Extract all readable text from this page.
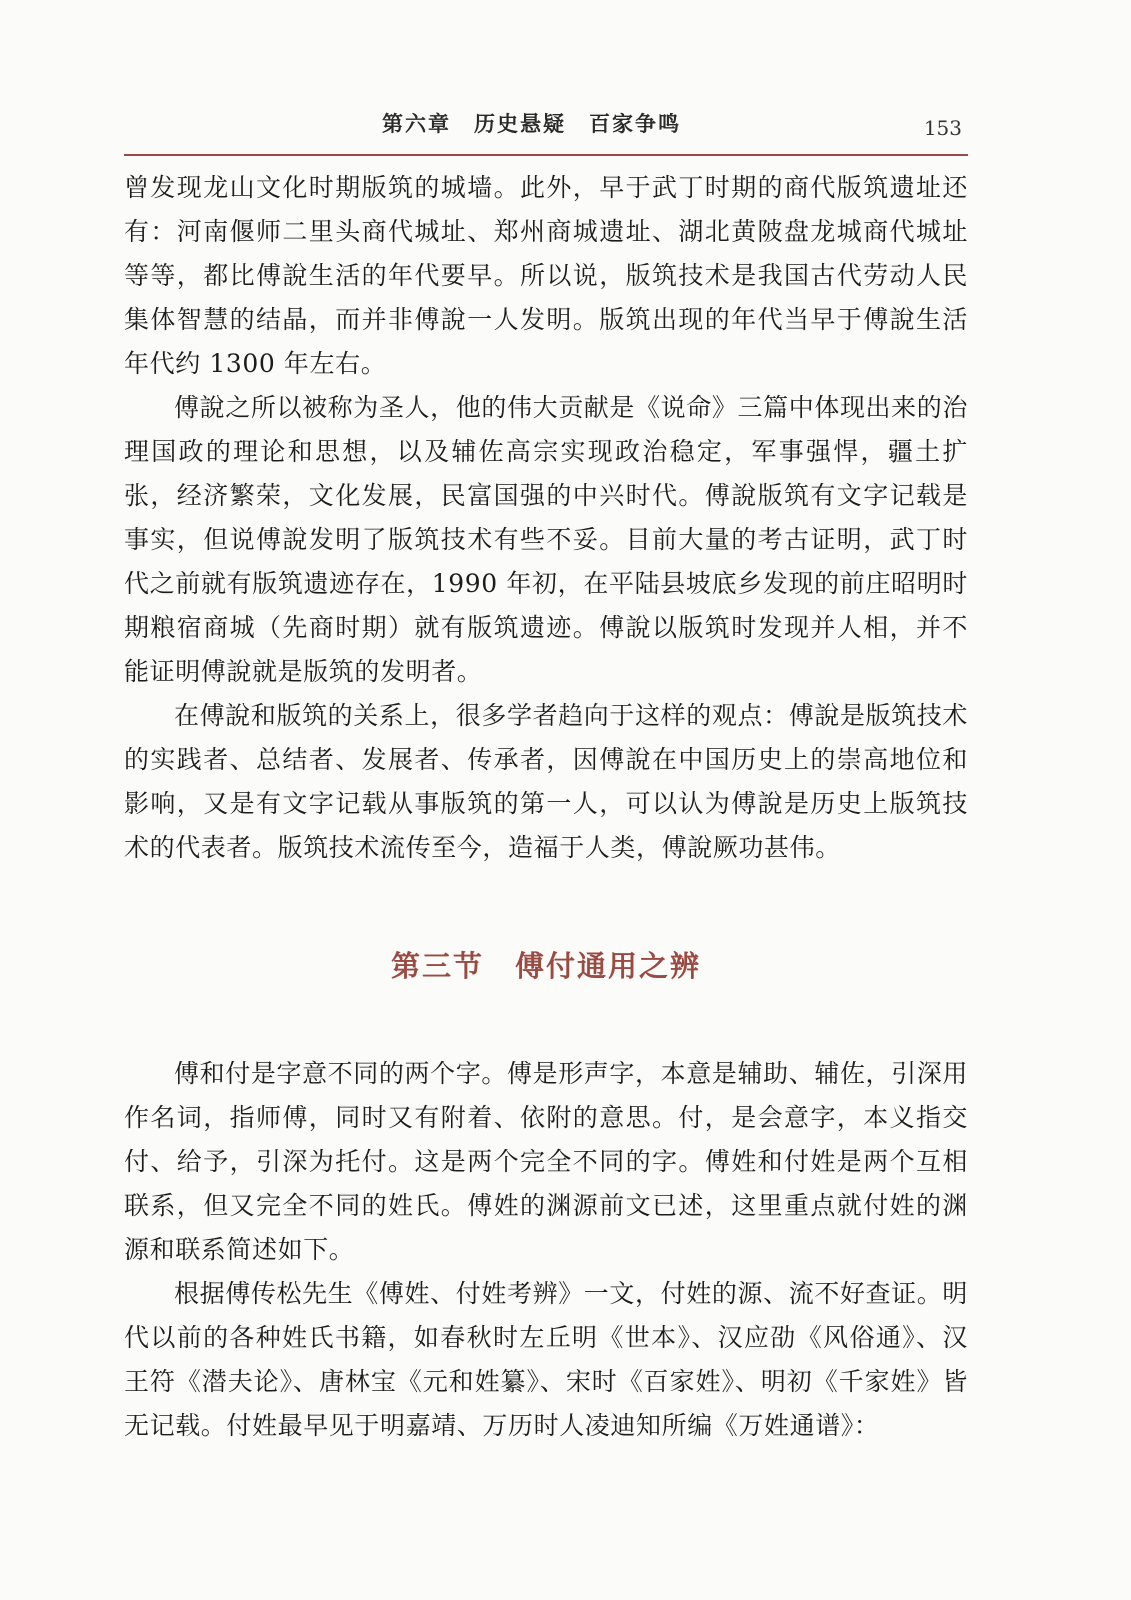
第六章　历史悬疑　百家争鸣	153

曾发现龙山文化时期版筑的城墙。此外，早于武丁时期的商代版筑遗址还有：河南偃师二里头商代城址、郑州商城遗址、湖北黄陂盘龙城商代城址等等，都比傅說生活的年代要早。所以说，版筑技术是我国古代劳动人民集体智慧的结晶，而并非傅說一人发明。版筑出现的年代当早于傅說生活年代约 1300 年左右。

傅說之所以被称为圣人，他的伟大贡献是《说命》三篇中体现出来的治理国政的理论和思想，以及辅佐高宗实现政治稳定，军事强悍，疆土扩张，经济繁荣，文化发展，民富国强的中兴时代。傅說版筑有文字记载是事实，但说傅說发明了版筑技术有些不妥。目前大量的考古证明，武丁时代之前就有版筑遗迹存在，1990 年初，在平陆县坡底乡发现的前庄昭明时期粮宿商城（先商时期）就有版筑遗迹。傅說以版筑时发现并人相，并不能证明傅說就是版筑的发明者。

在傅說和版筑的关系上，很多学者趋向于这样的观点：傅說是版筑技术的实践者、总结者、发展者、传承者，因傅說在中国历史上的崇高地位和影响，又是有文字记载从事版筑的第一人，可以认为傅說是历史上版筑技术的代表者。版筑技术流传至今，造福于人类，傅說厥功甚伟。

第三节　傅付通用之辨

傅和付是字意不同的两个字。傅是形声字，本意是辅助、辅佐，引深用作名词，指师傅，同时又有附着、依附的意思。付，是会意字，本义指交付、给予，引深为托付。这是两个完全不同的字。傅姓和付姓是两个互相联系，但又完全不同的姓氏。傅姓的渊源前文已述，这里重点就付姓的渊源和联系简述如下。

根据傅传松先生《傅姓、付姓考辨》一文，付姓的源、流不好查证。明代以前的各种姓氏书籍，如春秋时左丘明《世本》、汉应劭《风俗通》、汉王符《潜夫论》、唐林宝《元和姓纂》、宋时《百家姓》、明初《千家姓》皆无记载。付姓最早见于明嘉靖、万历时人凌迪知所编《万姓通谱》：
